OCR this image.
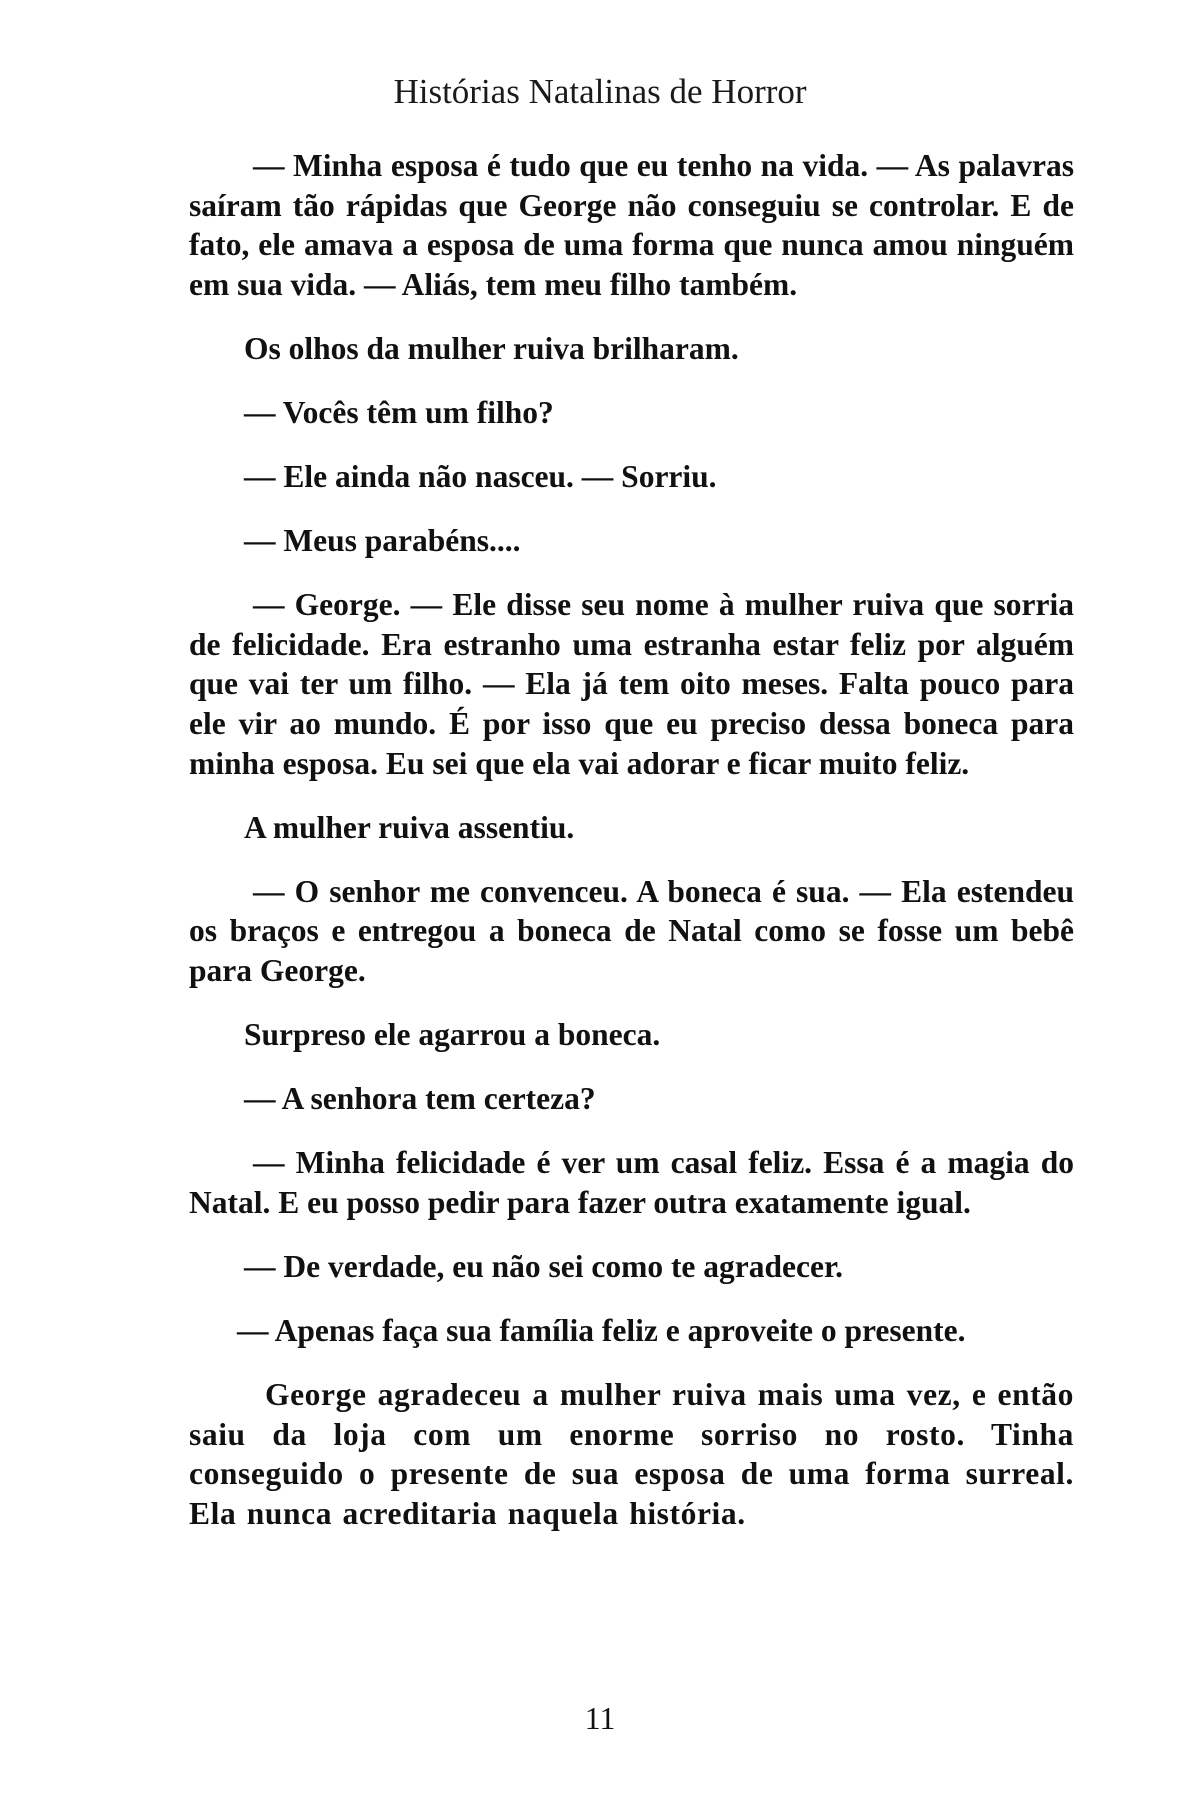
Histórias Natalinas de Horror

— Minha esposa é tudo que eu tenho na vida. — As palavras saíram tão rápidas que George não conseguiu se controlar. E de fato, ele amava a esposa de uma forma que nunca amou ninguém em sua vida. — Aliás, tem meu filho também.

Os olhos da mulher ruiva brilharam.

— Vocês têm um filho?

— Ele ainda não nasceu. — Sorriu.

— Meus parabéns....

— George. — Ele disse seu nome à mulher ruiva que sorria de felicidade. Era estranho uma estranha estar feliz por alguém que vai ter um filho. — Ela já tem oito meses. Falta pouco para ele vir ao mundo. É por isso que eu preciso dessa boneca para minha esposa. Eu sei que ela vai adorar e ficar muito feliz.

A mulher ruiva assentiu.

— O senhor me convenceu. A boneca é sua. — Ela estendeu os braços e entregou a boneca de Natal como se fosse um bebê para George.

Surpreso ele agarrou a boneca.

— A senhora tem certeza?

— Minha felicidade é ver um casal feliz. Essa é a magia do Natal. E eu posso pedir para fazer outra exatamente igual.

— De verdade, eu não sei como te agradecer.

— Apenas faça sua família feliz e aproveite o presente.

George agradeceu a mulher ruiva mais uma vez, e então saiu da loja com um enorme sorriso no rosto. Tinha conseguido o presente de sua esposa de uma forma surreal. Ela nunca acreditaria naquela história.

11
